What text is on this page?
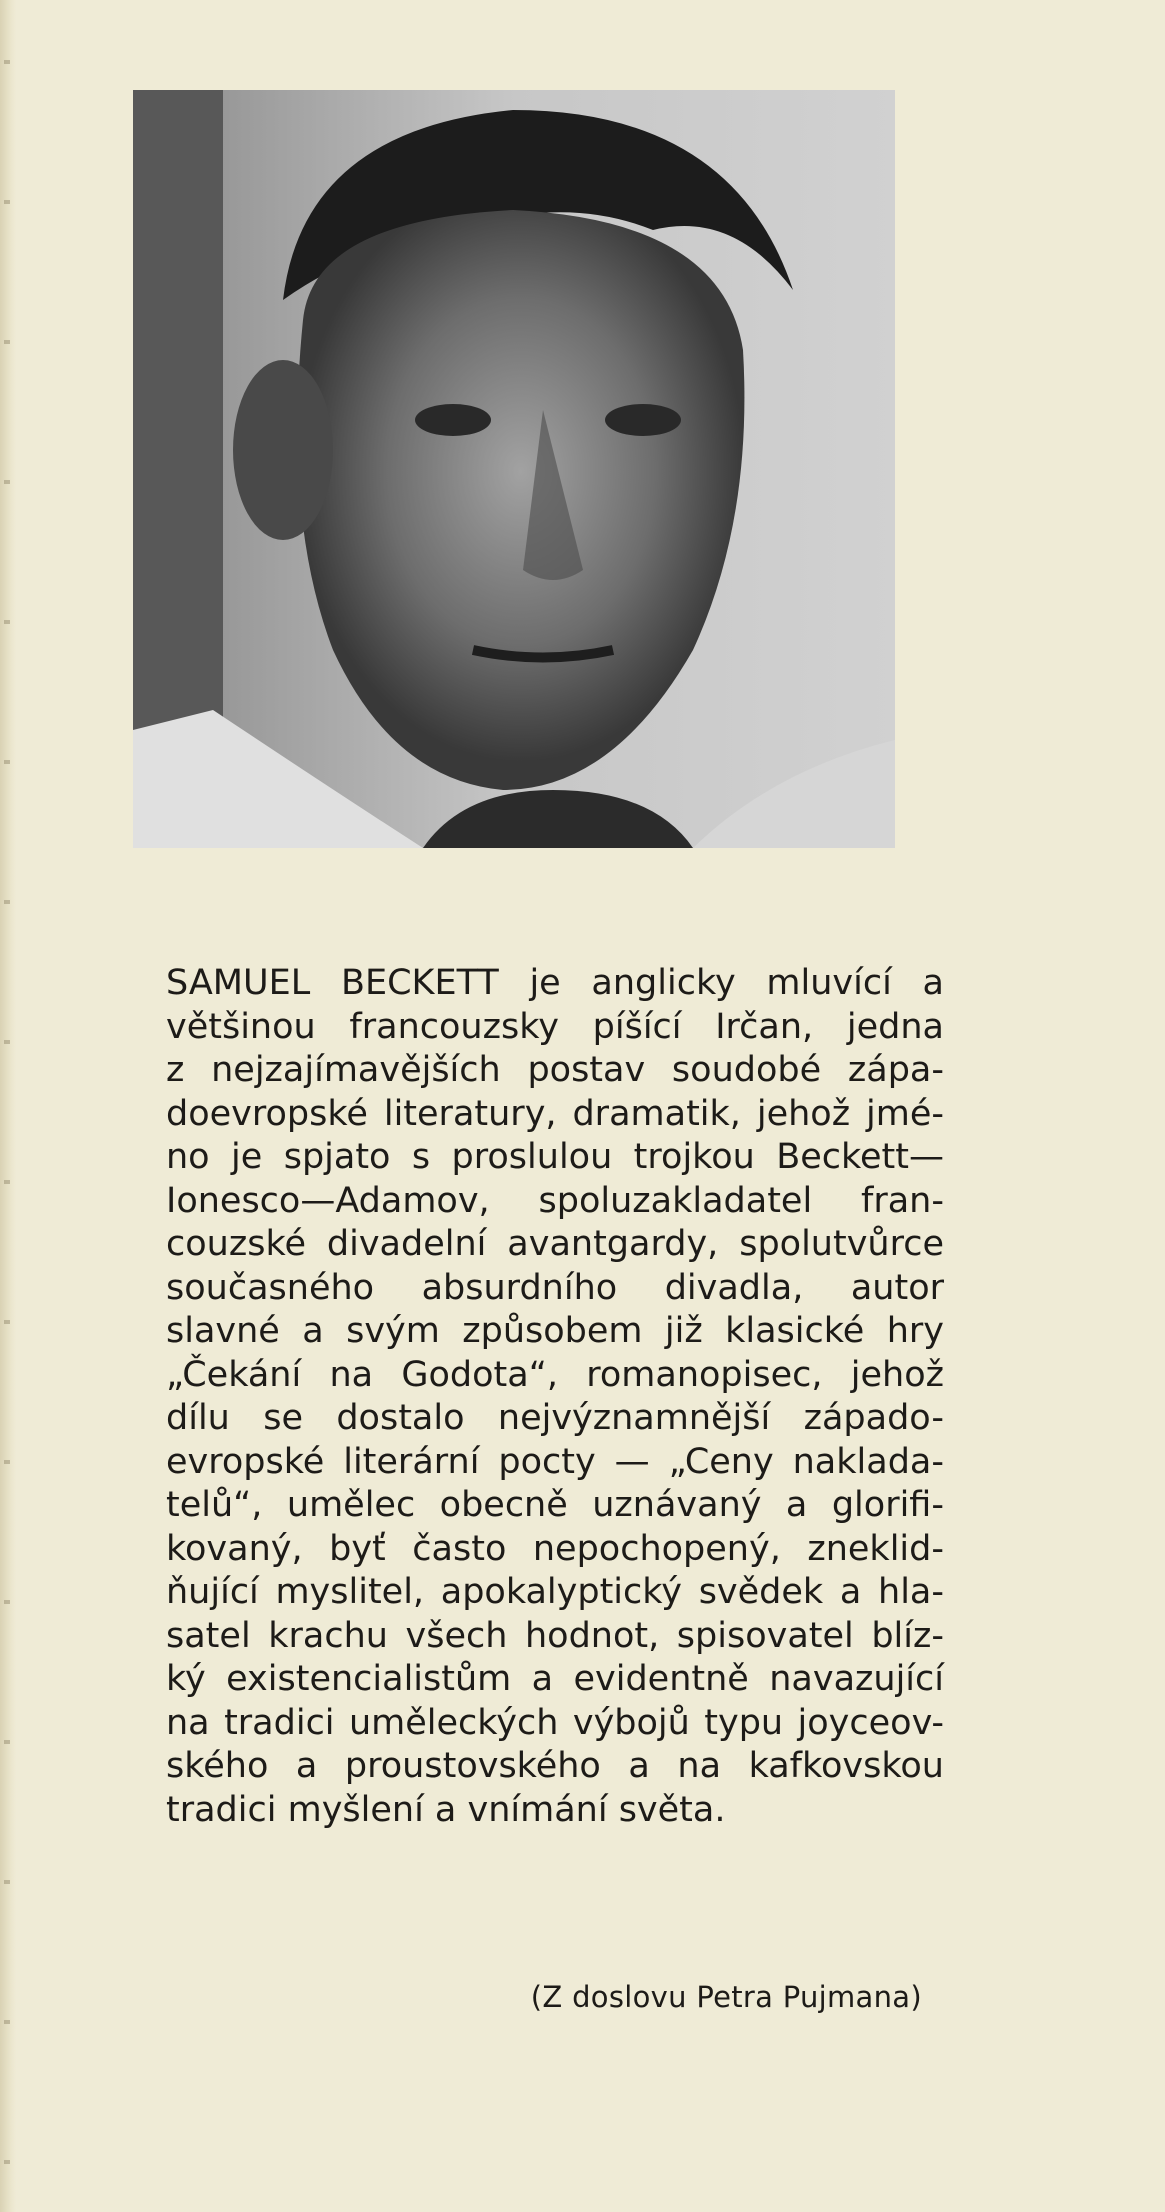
SAMUEL BECKETT je anglicky mluvící a
většinou francouzsky píšící Irčan, jedna
z nejzajímavějších postav soudobé zápa-
doevropské literatury, dramatik, jehož jmé-
no je spjato s proslulou trojkou Beckett—
Ionesco—Adamov, spoluzakladatel fran-
couzské divadelní avantgardy, spolutvůrce
současného absurdního divadla, autor
slavné a svým způsobem již klasické hry
„Čekání na Godota“, romanopisec, jehož
dílu se dostalo nejvýznamnější západo-
evropské literární pocty — „Ceny naklada-
telů“, umělec obecně uznávaný a glorifi-
kovaný, byť často nepochopený, zneklid-
ňující myslitel, apokalyptický svědek a hla-
satel krachu všech hodnot, spisovatel blíz-
ký existencialistům a evidentně navazující
na tradici uměleckých výbojů typu joyceov-
ského a proustovského a na kafkovskou
tradici myšlení a vnímání světa.
(Z doslovu Petra Pujmana)
